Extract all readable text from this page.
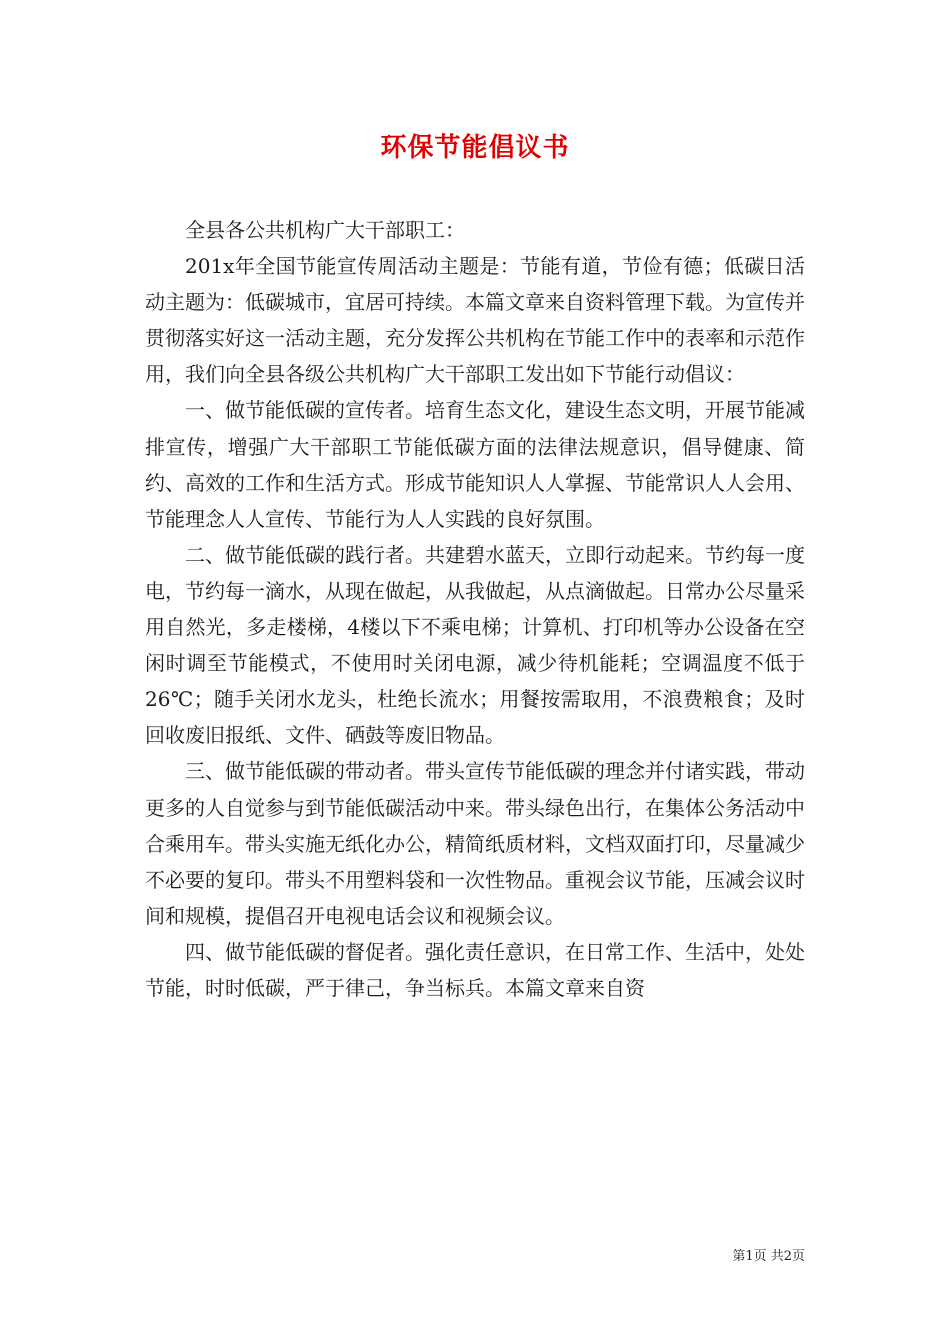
环保节能倡议书

全县各公共机构广大干部职工：

201x年全国节能宣传周活动主题是：节能有道，节俭有德；低碳日活动主题为：低碳城市，宜居可持续。本篇文章来自资料管理下载。为宣传并贯彻落实好这一活动主题，充分发挥公共机构在节能工作中的表率和示范作用，我们向全县各级公共机构广大干部职工发出如下节能行动倡议：

一、做节能低碳的宣传者。培育生态文化，建设生态文明，开展节能减排宣传，增强广大干部职工节能低碳方面的法律法规意识，倡导健康、简约、高效的工作和生活方式。形成节能知识人人掌握、节能常识人人会用、节能理念人人宣传、节能行为人人实践的良好氛围。

二、做节能低碳的践行者。共建碧水蓝天，立即行动起来。节约每一度电，节约每一滴水，从现在做起，从我做起，从点滴做起。日常办公尽量采用自然光，多走楼梯，4楼以下不乘电梯；计算机、打印机等办公设备在空闲时调至节能模式，不使用时关闭电源，减少待机能耗；空调温度不低于26℃；随手关闭水龙头，杜绝长流水；用餐按需取用，不浪费粮食；及时回收废旧报纸、文件、硒鼓等废旧物品。

三、做节能低碳的带动者。带头宣传节能低碳的理念并付诸实践，带动更多的人自觉参与到节能低碳活动中来。带头绿色出行，在集体公务活动中合乘用车。带头实施无纸化办公，精简纸质材料，文档双面打印，尽量减少不必要的复印。带头不用塑料袋和一次性物品。重视会议节能，压减会议时间和规模，提倡召开电视电话会议和视频会议。

四、做节能低碳的督促者。强化责任意识，在日常工作、生活中，处处节能，时时低碳，严于律己，争当标兵。本篇文章来自资

第1页 共2页
